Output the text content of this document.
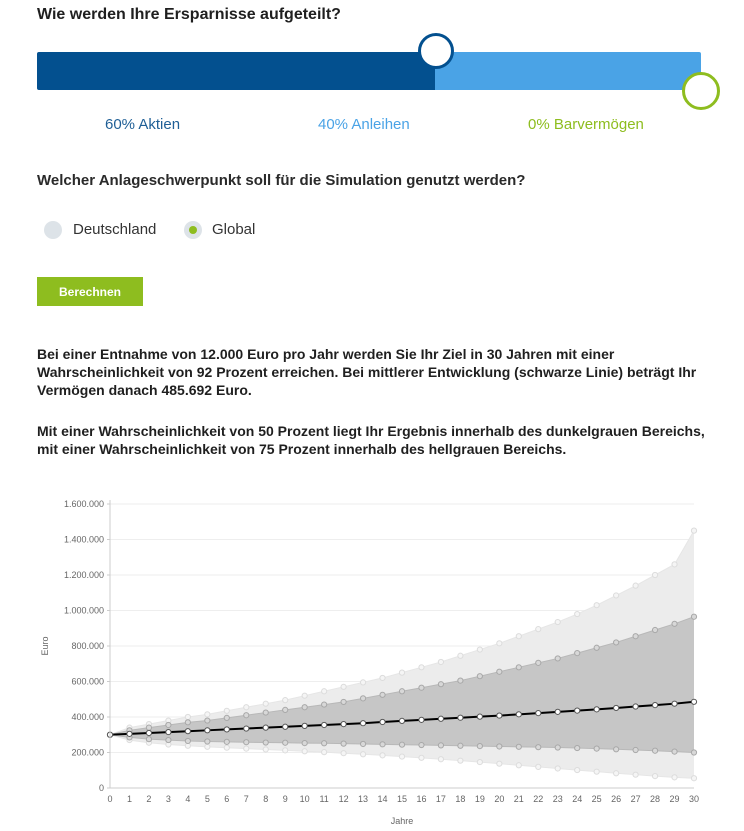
Wie werden Ihre Ersparnisse aufgeteilt?
60% Aktien	40% Anleihen	0% Barvermögen
Welcher Anlageschwerpunkt soll für die Simulation genutzt werden?
Deutschland	Global
Berechnen
Bei einer Entnahme von 12.000 Euro pro Jahr werden Sie Ihr Ziel in 30 Jahren mit einer Wahrscheinlichkeit von 92 Prozent erreichen. Bei mittlerer Entwicklung (schwarze Linie) beträgt Ihr Vermögen danach 485.692 Euro.
Mit einer Wahrscheinlichkeit von 50 Prozent liegt Ihr Ergebnis innerhalb des dunkelgrauen Bereichs, mit einer Wahrscheinlichkeit von 75 Prozent innerhalb des hellgrauen Bereichs.
0
200.000
400.000
600.000
800.000
1.000.000
1.200.000
1.400.000
1.600.000
0 1 2 3 4 5 6 7 8 9 10 11 12 13 14 15 16 17 18 19 20 21 22 23 24 25 26 27 28 29 30
Jahre
Euro
